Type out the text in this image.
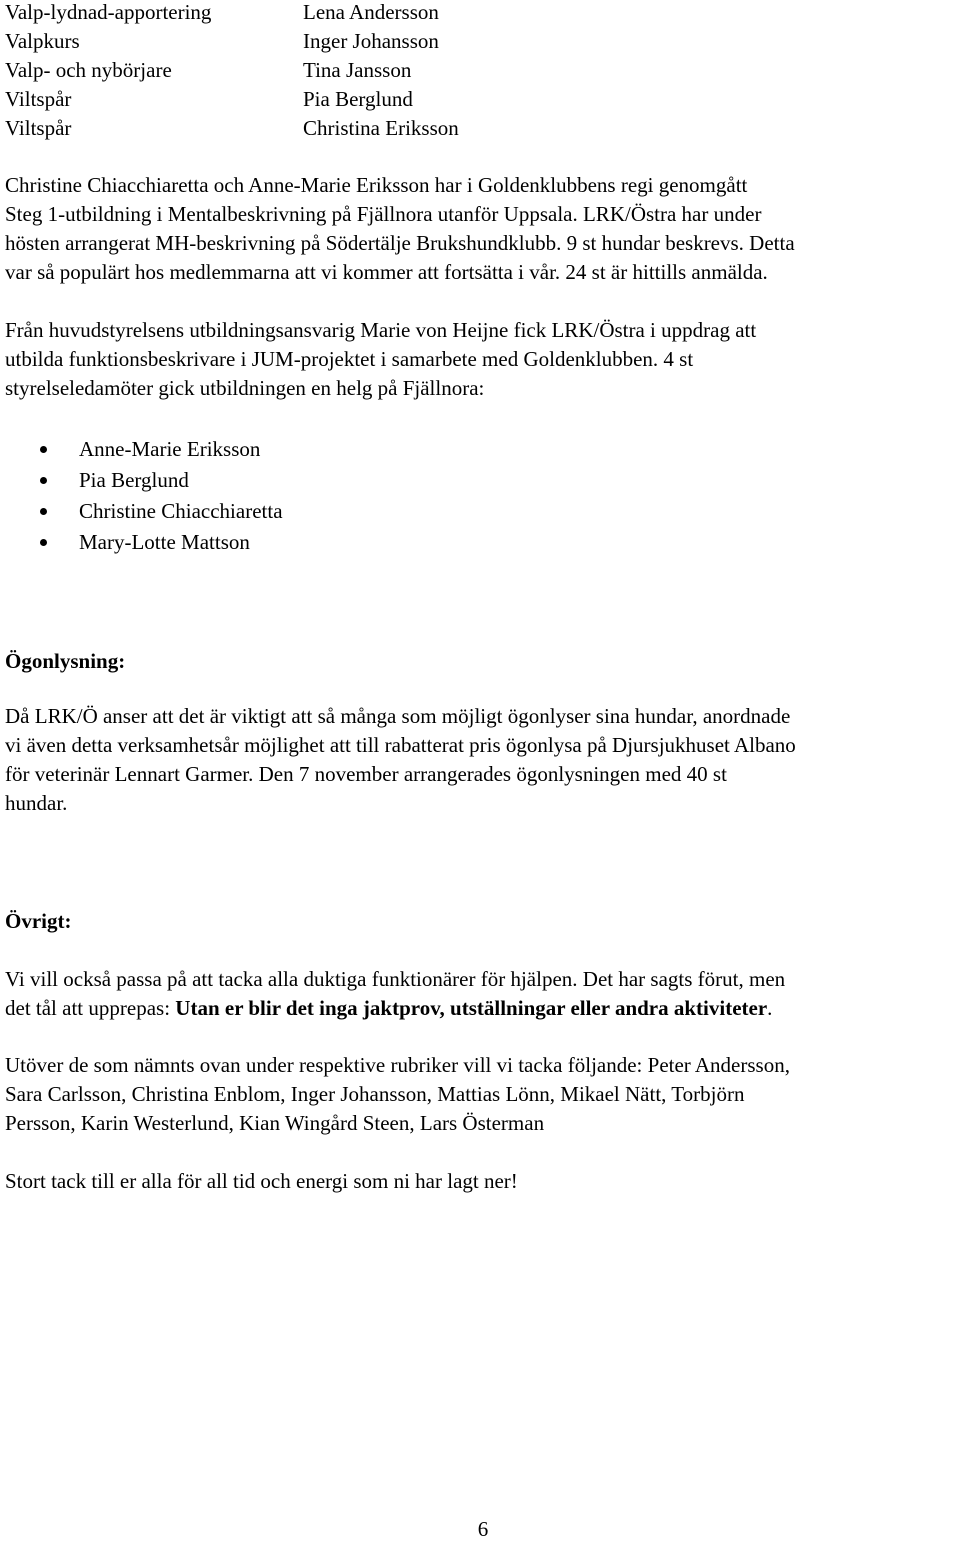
Valp-lydnad-apportering	Lena Andersson
Valpkurs	Inger Johansson
Valp- och nybörjare	Tina Jansson
Viltspår	Pia Berglund
Viltspår	Christina Eriksson

Christine Chiacchiaretta och Anne-Marie Eriksson har i Goldenklubbens regi genomgått
Steg 1-utbildning i Mentalbeskrivning på Fjällnora utanför Uppsala. LRK/Östra har under
hösten arrangerat MH-beskrivning på Södertälje Brukshundklubb. 9 st hundar beskrevs. Detta
var så populärt hos medlemmarna att vi kommer att fortsätta i vår. 24 st är hittills anmälda.

Från huvudstyrelsens utbildningsansvarig Marie von Heijne fick LRK/Östra i uppdrag att
utbilda funktionsbeskrivare i JUM-projektet i samarbete med Goldenklubben. 4 st
styrelseledamöter gick utbildningen en helg på Fjällnora:

Anne-Marie Eriksson
Pia Berglund
Christine Chiacchiaretta
Mary-Lotte Mattson
Ögonlysning:

Då LRK/Ö anser att det är viktigt att så många som möjligt ögonlyser sina hundar, anordnade
vi även detta verksamhetsår möjlighet att till rabatterat pris ögonlysa på Djursjukhuset Albano
för veterinär Lennart Garmer. Den 7 november arrangerades ögonlysningen med 40 st
hundar.

Övrigt:

Vi vill också passa på att tacka alla duktiga funktionärer för hjälpen. Det har sagts förut, men
det tål att upprepas: Utan er blir det inga jaktprov, utställningar eller andra aktiviteter.

Utöver de som nämnts ovan under respektive rubriker vill vi tacka följande: Peter Andersson,
Sara Carlsson, Christina Enblom, Inger Johansson, Mattias Lönn, Mikael Nätt, Torbjörn
Persson, Karin Westerlund, Kian Wingård Steen, Lars Österman

Stort tack till er alla för all tid och energi som ni har lagt ner!

6
